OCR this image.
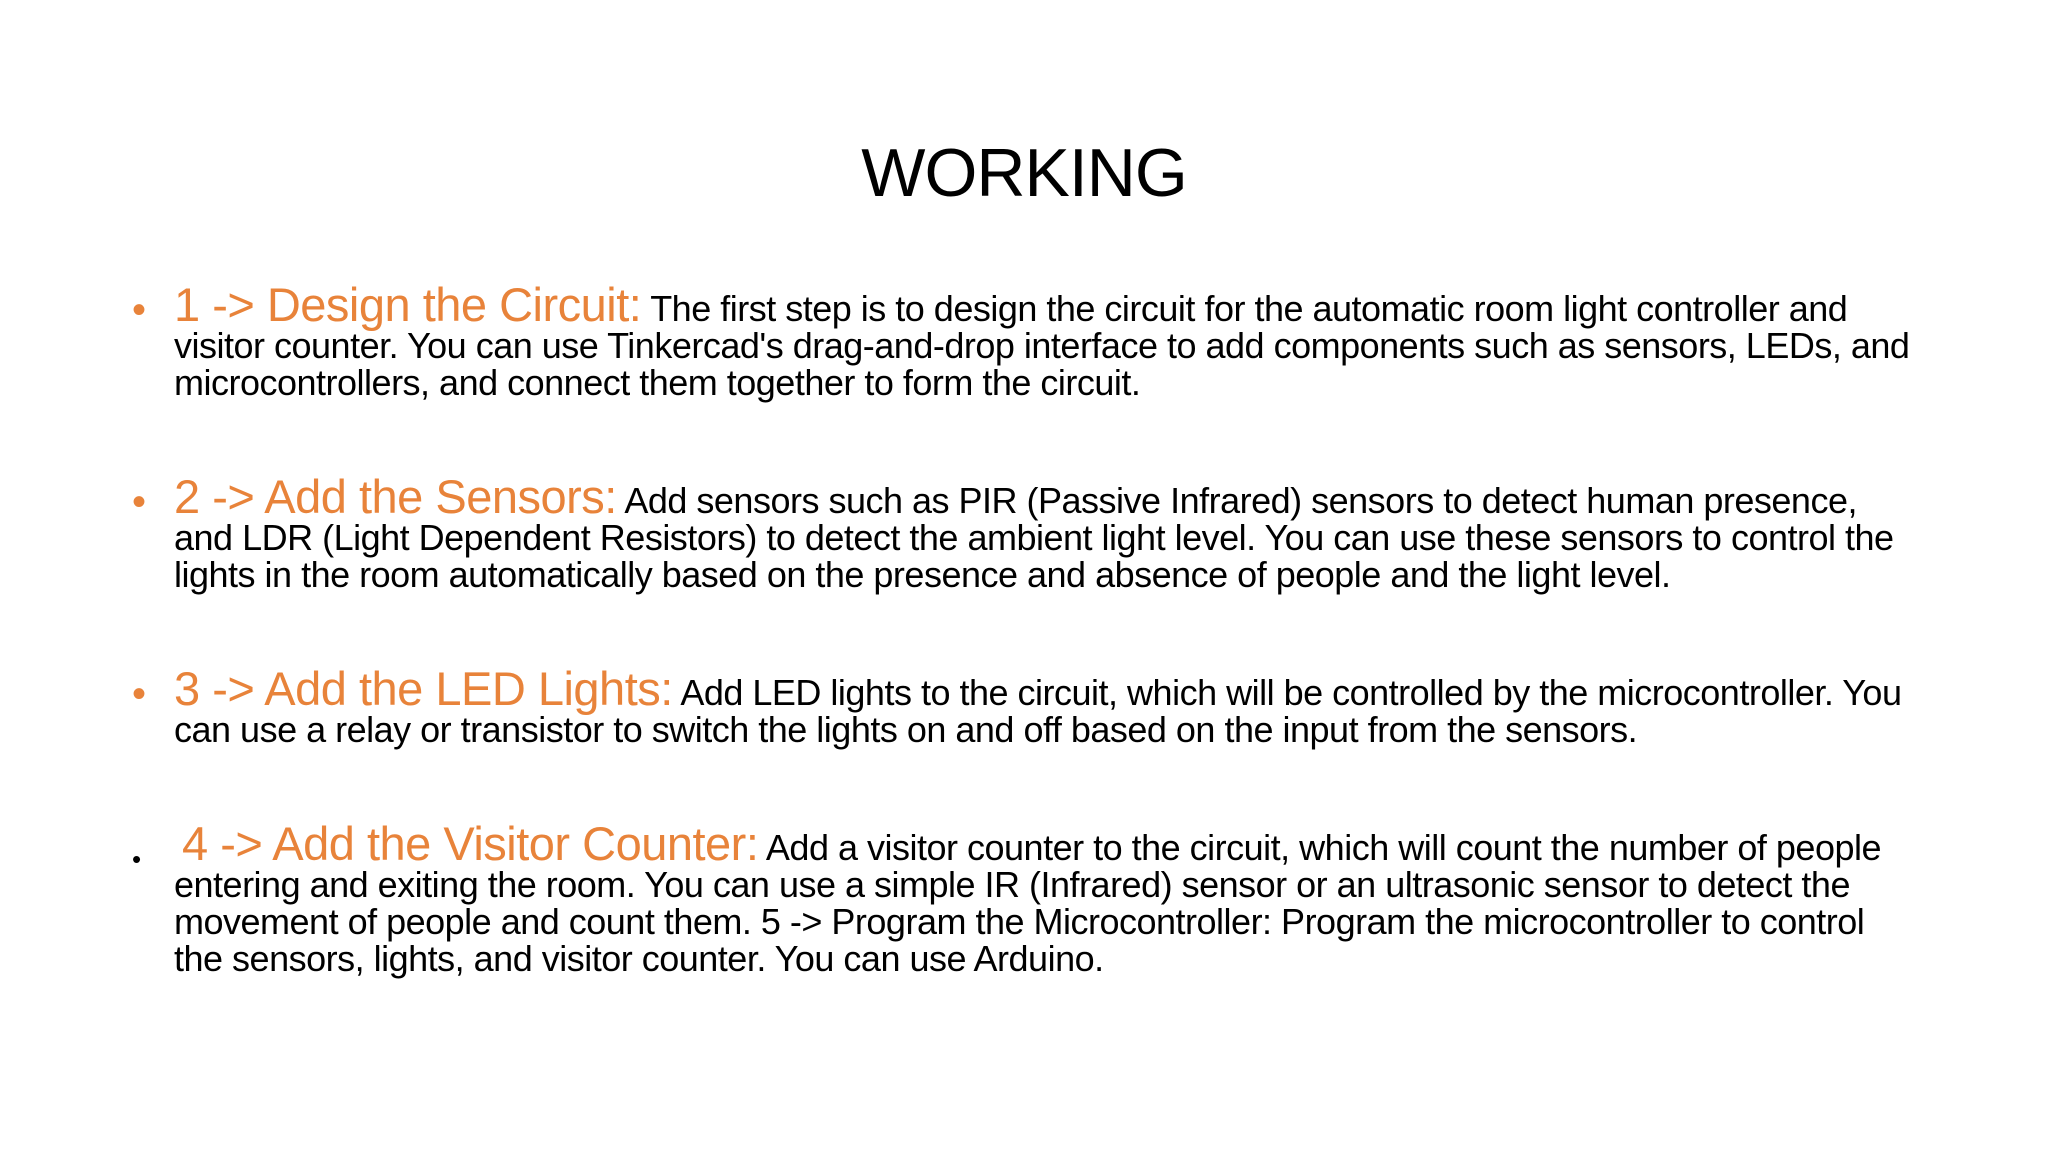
WORKING
• 1 -> Design the Circuit: The first step is to design the circuit for the automatic room light controller and visitor counter. You can use Tinkercad's drag-and-drop interface to add components such as sensors, LEDs, and microcontrollers, and connect them together to form the circuit.
• 2 -> Add the Sensors: Add sensors such as PIR (Passive Infrared) sensors to detect human presence, and LDR (Light Dependent Resistors) to detect the ambient light level. You can use these sensors to control the lights in the room automatically based on the presence and absence of people and the light level.
• 3 -> Add the LED Lights: Add LED lights to the circuit, which will be controlled by the microcontroller. You can use a relay or transistor to switch the lights on and off based on the input from the sensors.
• 4 -> Add the Visitor Counter: Add a visitor counter to the circuit, which will count the number of people entering and exiting the room. You can use a simple IR (Infrared) sensor or an ultrasonic sensor to detect the movement of people and count them. 5 -> Program the Microcontroller: Program the microcontroller to control the sensors, lights, and visitor counter. You can use Arduino.
